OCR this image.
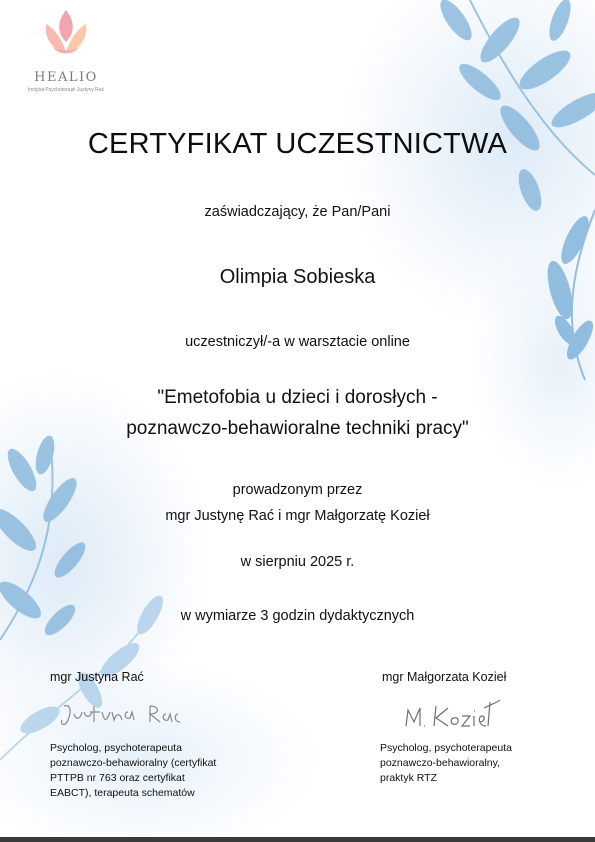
HEALIO
Instytut Psychoterapii Justyny Rać
CERTYFIKAT UCZESTNICTWA
zaświadczający, że Pan/Pani
Olimpia Sobieska
uczestniczył/-a w warsztacie online
"Emetofobia u dzieci i dorosłych -
poznawczo-behawioralne techniki pracy"
prowadzonym przez
mgr Justynę Rać i mgr Małgorzatę Kozieł
w sierpniu 2025 r.
w wymiarze 3 godzin dydaktycznych
mgr Justyna Rać	mgr Małgorzata Kozieł
Psycholog, psychoterapeuta
poznawczo-behawioralny (certyfikat
PTTPB nr 763 oraz certyfikat
EABCT), terapeuta schematów
Psycholog, psychoterapeuta
poznawczo-behawioralny,
praktyk RTZ
